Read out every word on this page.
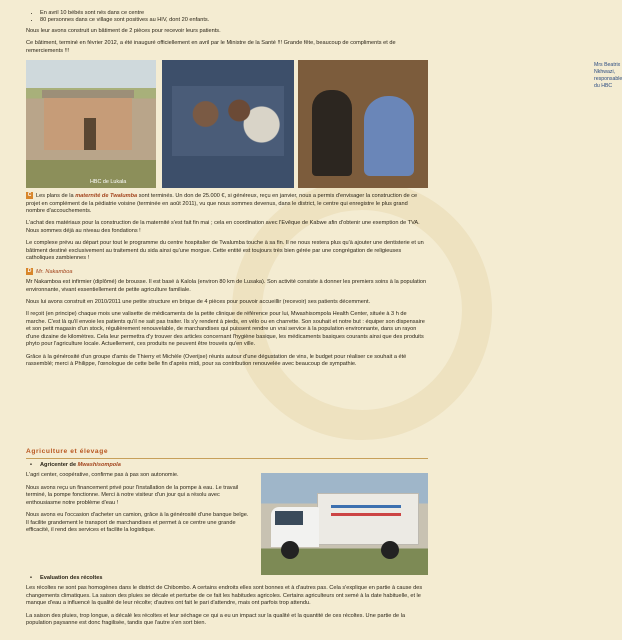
• En avril 10 bébés sont nés dans ce centre
• 80 personnes dans ce village sont positives au HIV, dont 20 enfants.

Nous leur avons construit un bâtiment de 2 pièces pour recevoir leurs patients.

Ce bâtiment, terminé en février 2012, a été inauguré officiellement en avril par le Ministre de la Santé !!! Grande fête, beaucoup de compliments et de remerciements !!!

HBC de Lukala
Mrs Beatrix Nkhwazi, responsable du HBC

C Les plans de la maternité de Twalumba sont terminés. Un don de 25.000 €, si généreux, reçu en janvier, nous a permis d'envisager la construction de ce projet en complément de la pédiatrie voisine (terminée en août 2011), vu que nous sommes devenus, dans le district, le centre qui enregistre le plus grand nombre d'accouchements.

L'achat des matériaux pour la construction de la maternité s'est fait fin mai ; cela en coordination avec l'Evêque de Kabwe afin d'obtenir une exemption de TVA. Nous sommes déjà au niveau des fondations !

Le complexe prévu au départ pour tout le programme du centre hospitalier de Twalumba touche à sa fin. Il ne nous restera plus qu'à ajouter une dentisterie et un bâtiment destiné exclusivement au traitement du sida ainsi qu'une morgue. Cette entité est toujours très bien gérée par une congrégation de religieuses catholiques zambiennes !

D Mr. Nakamboa

Mr Nakamboa est infirmier (diplômé) de brousse. Il est basé à Kalola (environ 80 km de Lusaka). Son activité consiste à donner les premiers soins à la population environnante, vivant essentiellement de petite agriculture familiale.

Nous lui avons construit en 2010/2011 une petite structure en brique de 4 pièces pour pouvoir accueillir (recevoir) ses patients décemment.

Il reçoit (en principe) chaque mois une valisette de médicaments de la petite clinique de référence pour lui, Mwashisompola Health Center, située à 3 h de marche. C'est là qu'il envoie les patients qu'il ne sait pas traiter. Ils s'y rendent à pieds, en vélo ou en charrette. Son souhait et notre but : équiper son dispensaire et son petit magasin d'un stock, régulièrement renouvelable, de marchandises qui puissent rendre un vrai service à la population environnante, dans un rayon d'une dizaine de kilomètres. Cela leur permettra d'y trouver des articles concernant l'hygiène basique, les médicaments basiques courants ainsi que des produits phyto pour l'agriculture locale. Actuellement, ces produits ne peuvent être trouvés qu'en ville.

Grâce à la générosité d'un groupe d'amis de Thierry et Michèle (Overijse) réunis autour d'une dégustation de vins, le budget pour réaliser ce souhait a été rassemblé; merci à Philippe, l'œnologue de cette belle fin d'après midi, pour sa contribution renouvelée avec beaucoup de sympathie.

Agriculture et élevage
• Agricenter de Mwashisompola

L'agri center, coopérative, confirme pas à pas son autonomie.

Nous avons reçu un financement privé pour l'installation de la pompe à eau. Le travail terminé, la pompe fonctionne. Merci à notre visiteur d'un jour qui a résolu avec enthousiasme notre problème d'eau !

Nous avons eu l'occasion d'acheter un camion, grâce à la générosité d'une banque belge. Il facilite grandement le transport de marchandises et permet à ce centre une grande efficacité, il rend des services et facilite la logistique.

• Evaluation des récoltes

Les récoltes ne sont pas homogènes dans le district de Chibombo. A certains endroits elles sont bonnes et à d'autres pas. Cela s'explique en partie à cause des changements climatiques. La saison des pluies se décale et perturbe de ce fait les habitudes agricoles. Certains agriculteurs ont semé à la date habituelle, et le manque d'eau a influencé la qualité de leur récolte; d'autres ont fait le pari d'attendre, mais ont parfois trop attendu.

La saison des pluies, trop longue, a décalé les récoltes et leur séchage ce qui a eu un impact sur la qualité et la quantité de ces récoltes. Une partie de la population paysanne est donc fragilisée, tandis que l'autre s'en sort bien.
